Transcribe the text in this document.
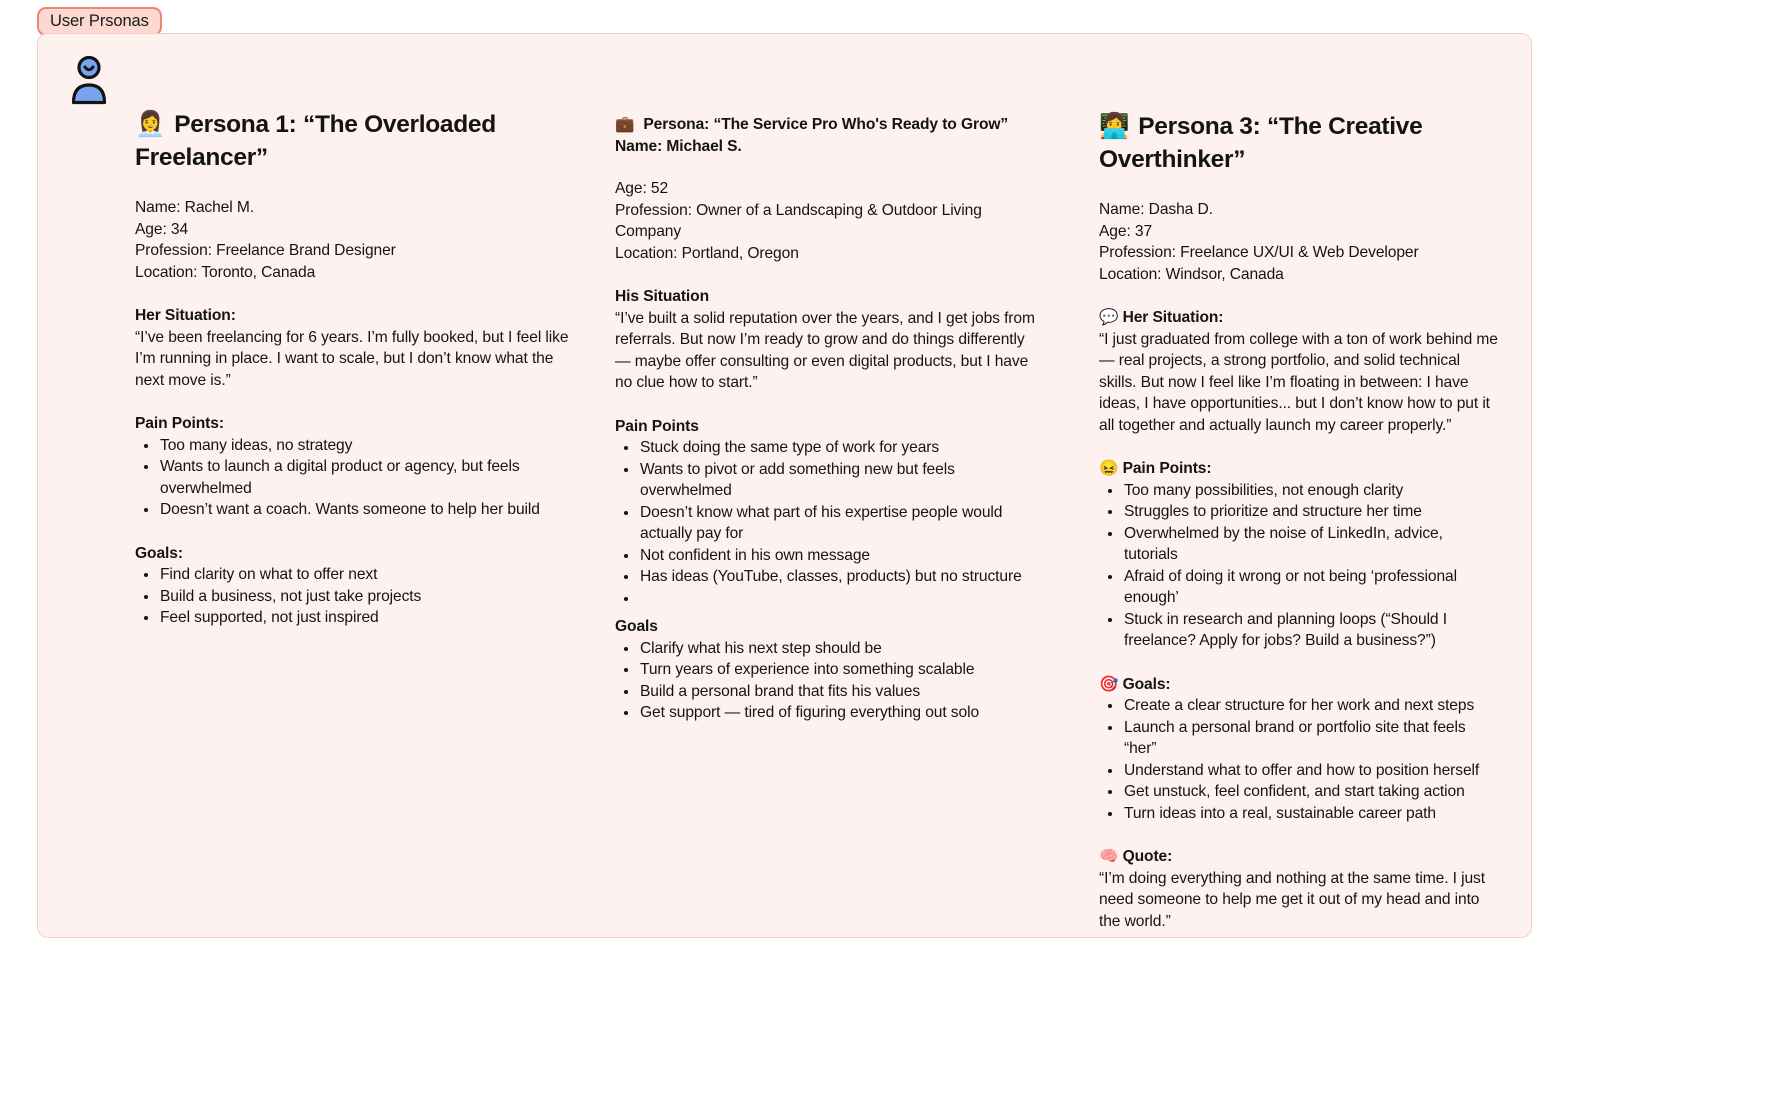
User Prsonas
👩‍💼 Persona 1: “The Overloaded Freelancer”
Name: Rachel M.
Age: 34
Profession: Freelance Brand Designer
Location: Toronto, Canada
Her Situation:
“I’ve been freelancing for 6 years. I’m fully booked, but I feel like I’m running in place. I want to scale, but I don’t know what the next move is.”
Pain Points:
• Too many ideas, no strategy
• Wants to launch a digital product or agency, but feels overwhelmed
• Doesn’t want a coach. Wants someone to help her build
Goals:
• Find clarity on what to offer next
• Build a business, not just take projects
• Feel supported, not just inspired
💼 Persona: “The Service Pro Who's Ready to Grow”
Name: Michael S.
Age: 52
Profession: Owner of a Landscaping & Outdoor Living Company
Location: Portland, Oregon
His Situation
“I’ve built a solid reputation over the years, and I get jobs from referrals. But now I’m ready to grow and do things differently — maybe offer consulting or even digital products, but I have no clue how to start.”
Pain Points
• Stuck doing the same type of work for years
• Wants to pivot or add something new but feels overwhelmed
• Doesn’t know what part of his expertise people would actually pay for
• Not confident in his own message
• Has ideas (YouTube, classes, products) but no structure
•
Goals
• Clarify what his next step should be
• Turn years of experience into something scalable
• Build a personal brand that fits his values
• Get support — tired of figuring everything out solo
👩‍💻 Persona 3: “The Creative Overthinker”
Name: Dasha D.
Age: 37
Profession: Freelance UX/UI & Web Developer
Location: Windsor, Canada
💬 Her Situation:
“I just graduated from college with a ton of work behind me — real projects, a strong portfolio, and solid technical skills. But now I feel like I’m floating in between: I have ideas, I have opportunities... but I don’t know how to put it all together and actually launch my career properly.”
😖 Pain Points:
• Too many possibilities, not enough clarity
• Struggles to prioritize and structure her time
• Overwhelmed by the noise of LinkedIn, advice, tutorials
• Afraid of doing it wrong or not being ‘professional enough’
• Stuck in research and planning loops (“Should I freelance? Apply for jobs? Build a business?”)
🎯 Goals:
• Create a clear structure for her work and next steps
• Launch a personal brand or portfolio site that feels “her”
• Understand what to offer and how to position herself
• Get unstuck, feel confident, and start taking action
• Turn ideas into a real, sustainable career path
🧠 Quote:
“I’m doing everything and nothing at the same time. I just need someone to help me get it out of my head and into the world.”
